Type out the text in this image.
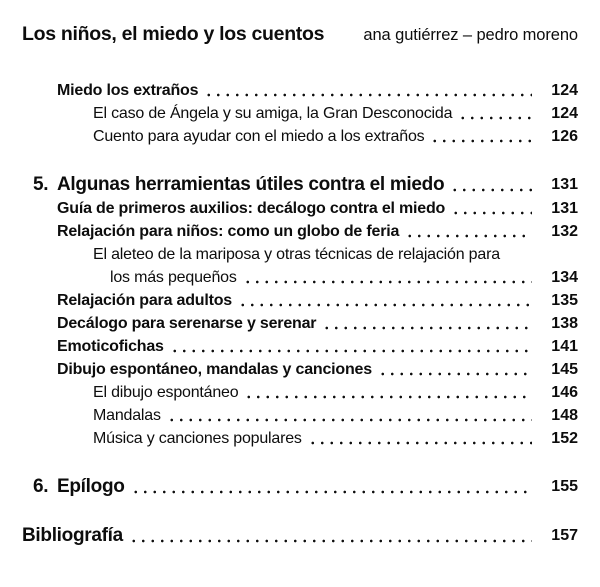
Los niños, el miedo y los cuentos ana gutiérrez – pedro moreno
Miedo los extraños	124
El caso de Ángela y su amiga, la Gran Desconocida	124
Cuento para ayudar con el miedo a los extraños	126
5. Algunas herramientas útiles contra el miedo	131
Guía de primeros auxilios: decálogo contra el miedo	131
Relajación para niños: como un globo de feria	132
El aleteo de la mariposa y otras técnicas de relajación para
los más pequeños	134
Relajación para adultos	135
Decálogo para serenarse y serenar	138
Emoticofichas	141
Dibujo espontáneo, mandalas y canciones	145
El dibujo espontáneo	146
Mandalas	148
Música y canciones populares	152
6. Epílogo	155
Bibliografía	157
